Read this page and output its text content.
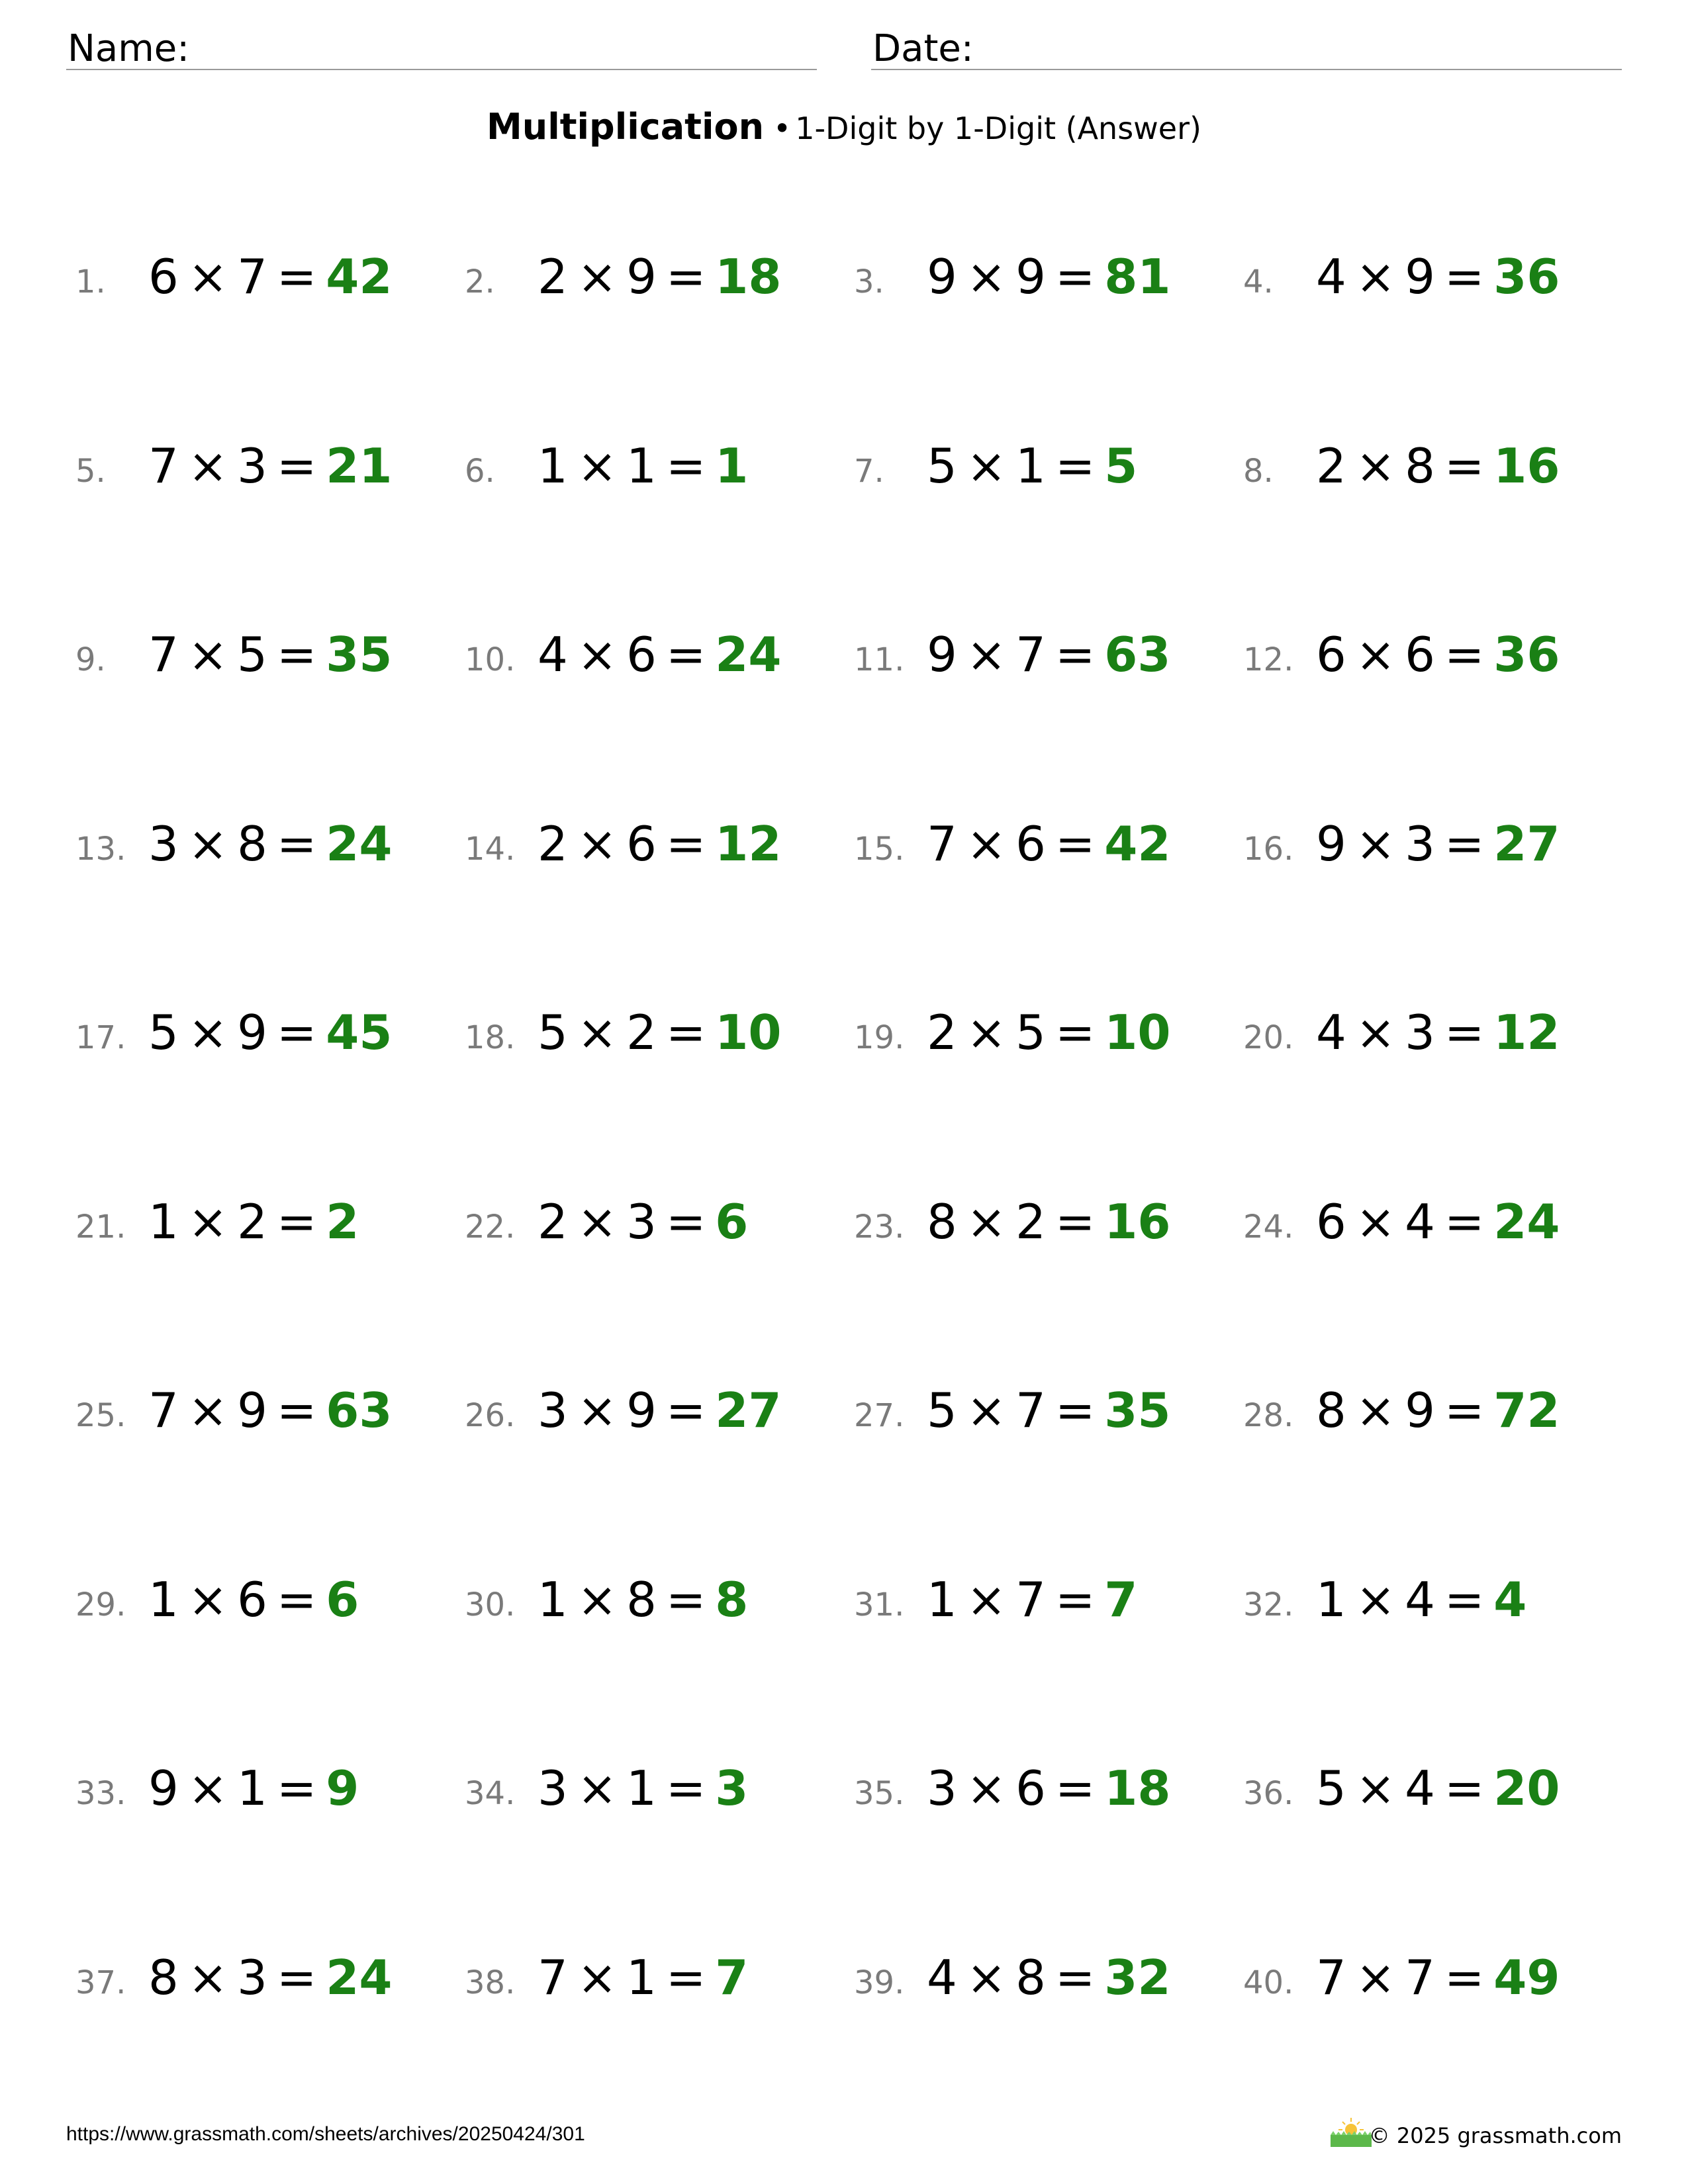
Name:	Date:
Multiplication • 1-Digit by 1-Digit (Answer)
1. 6 × 7 = 42 2. 2 × 9 = 18 3. 9 × 9 = 81 4. 4 × 9 = 36
5. 7 × 3 = 21 6. 1 × 1 = 1	7. 5 × 1 = 5	8. 2 × 8 = 16
9. 7 × 5 = 35 10. 4 × 6 = 24 11. 9 × 7 = 63 12. 6 × 6 = 36
13. 3 × 8 = 24 14. 2 × 6 = 12 15. 7 × 6 = 42 16. 9 × 3 = 27
17. 5 × 9 = 45 18. 5 × 2 = 10 19. 2 × 5 = 10 20. 4 × 3 = 12
21. 1 × 2 = 2	22. 2 × 3 = 6	23. 8 × 2 = 16 24. 6 × 4 = 24
25. 7 × 9 = 63 26. 3 × 9 = 27 27. 5 × 7 = 35 28. 8 × 9 = 72
29. 1 × 6 = 6	30. 1 × 8 = 8	31. 1 × 7 = 7	32. 1 × 4 = 4
33. 9 × 1 = 9	34. 3 × 1 = 3	35. 3 × 6 = 18 36. 5 × 4 = 20
37. 8 × 3 = 24 38. 7 × 1 = 7	39. 4 × 8 = 32 40. 7 × 7 = 49
https://www.grassmath.com/sheets/archives/20250424/301	© 2025 grassmath.com
